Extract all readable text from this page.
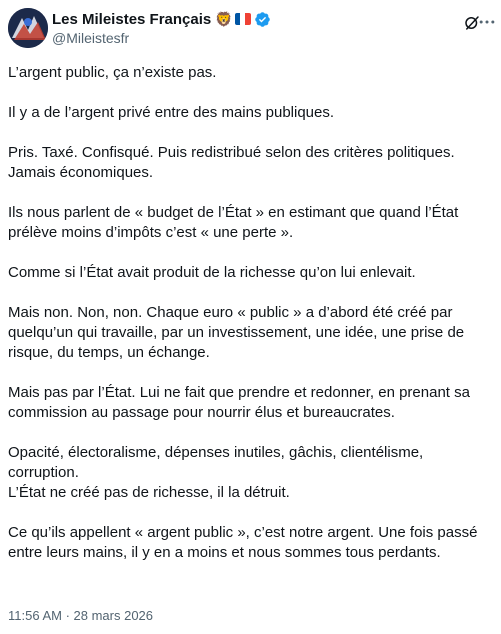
Les Mileistes Français 🦁
@Mileistesfr

L’argent public, ça n’existe pas.

Il y a de l’argent privé entre des mains publiques.

Pris. Taxé. Confisqué. Puis redistribué selon des critères politiques. Jamais économiques.

Ils nous parlent de « budget de l’État » en estimant que quand l’État prélève moins d’impôts c’est « une perte ».

Comme si l’État avait produit de la richesse qu’on lui enlevait.

Mais non. Non, non. Chaque euro « public » a d’abord été créé par quelqu’un qui travaille, par un investissement, une idée, une prise de risque, du temps, un échange.

Mais pas par l’État. Lui ne fait que prendre et redonner, en prenant sa commission au passage pour nourrir élus et bureaucrates.

Opacité, électoralisme, dépenses inutiles, gâchis, clientélisme, corruption.
L’État ne créé pas de richesse, il la détruit.

Ce qu’ils appellent « argent public », c’est notre argent. Une fois passé entre leurs mains, il y en a moins et nous sommes tous perdants.

11:56 AM · 28 mars 2026
